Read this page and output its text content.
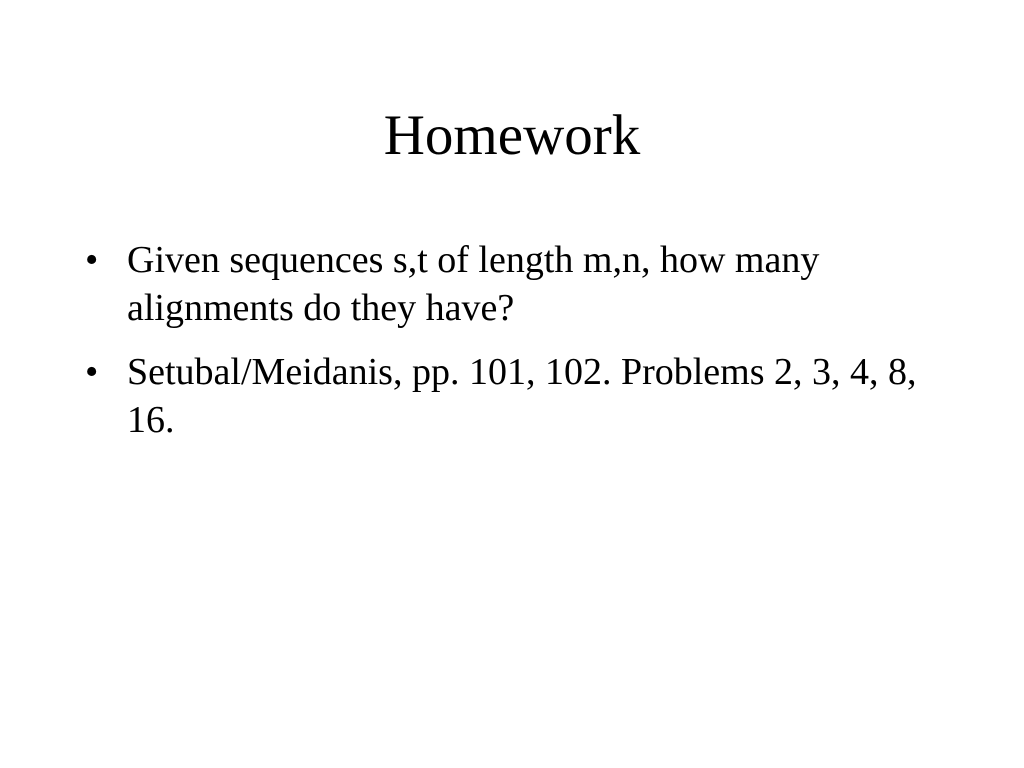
Homework
• Given sequences s,t of length m,n, how many alignments do they have?
• Setubal/Meidanis, pp. 101, 102. Problems 2, 3, 4, 8, 16.
